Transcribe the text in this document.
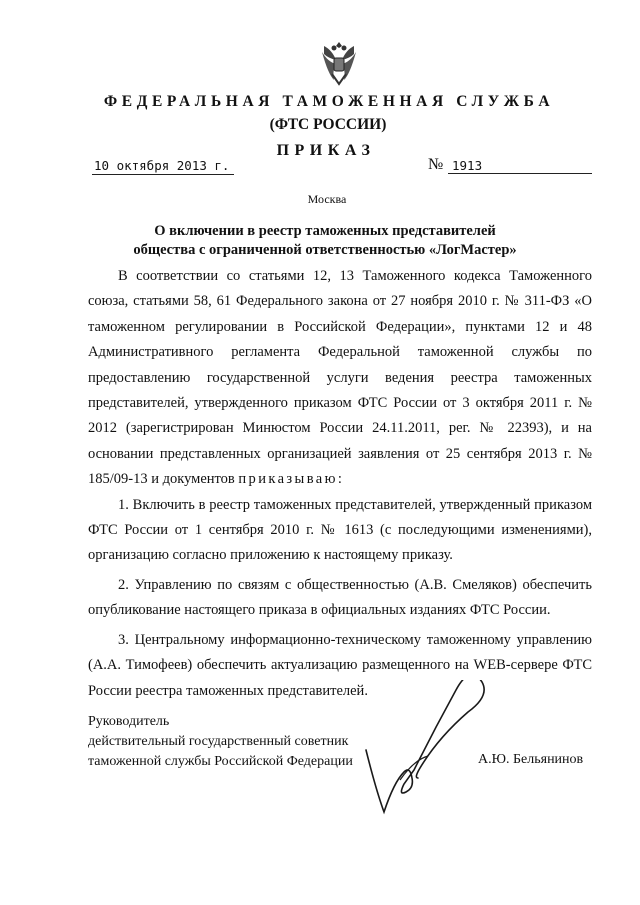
ФЕДЕРАЛЬНАЯ ТАМОЖЕННАЯ СЛУЖБА
(ФТС РОССИИ)
ПРИКАЗ
10 октября 2013 г.	№ 1913
Москва
О включении в реестр таможенных представителей
общества с ограниченной ответственностью «ЛогМастер»

В соответствии со статьями 12, 13 Таможенного кодекса Таможенного союза, статьями 58, 61 Федерального закона от 27 ноября 2010 г. № 311-ФЗ «О таможенном регулировании в Российской Федерации», пунктами 12 и 48 Административного регламента Федеральной таможенной службы по предоставлению государственной услуги ведения реестра таможенных представителей, утвержденного приказом ФТС России от 3 октября 2011 г. № 2012 (зарегистрирован Минюстом России 24.11.2011, рег. № 22393), и на основании представленных организацией заявления от 25 сентября 2013 г. № 185/09-13 и документов приказываю:

1. Включить в реестр таможенных представителей, утвержденный приказом ФТС России от 1 сентября 2010 г. № 1613 (с последующими изменениями), организацию согласно приложению к настоящему приказу.

2. Управлению по связям с общественностью (А.В. Смеляков) обеспечить опубликование настоящего приказа в официальных изданиях ФТС России.

3. Центральному информационно-техническому таможенному управлению (А.А. Тимофеев) обеспечить актуализацию размещенного на WEB-сервере ФТС России реестра таможенных представителей.

Руководитель
действительный государственный советник
таможенной службы Российской Федерации	А.Ю. Бельянинов
